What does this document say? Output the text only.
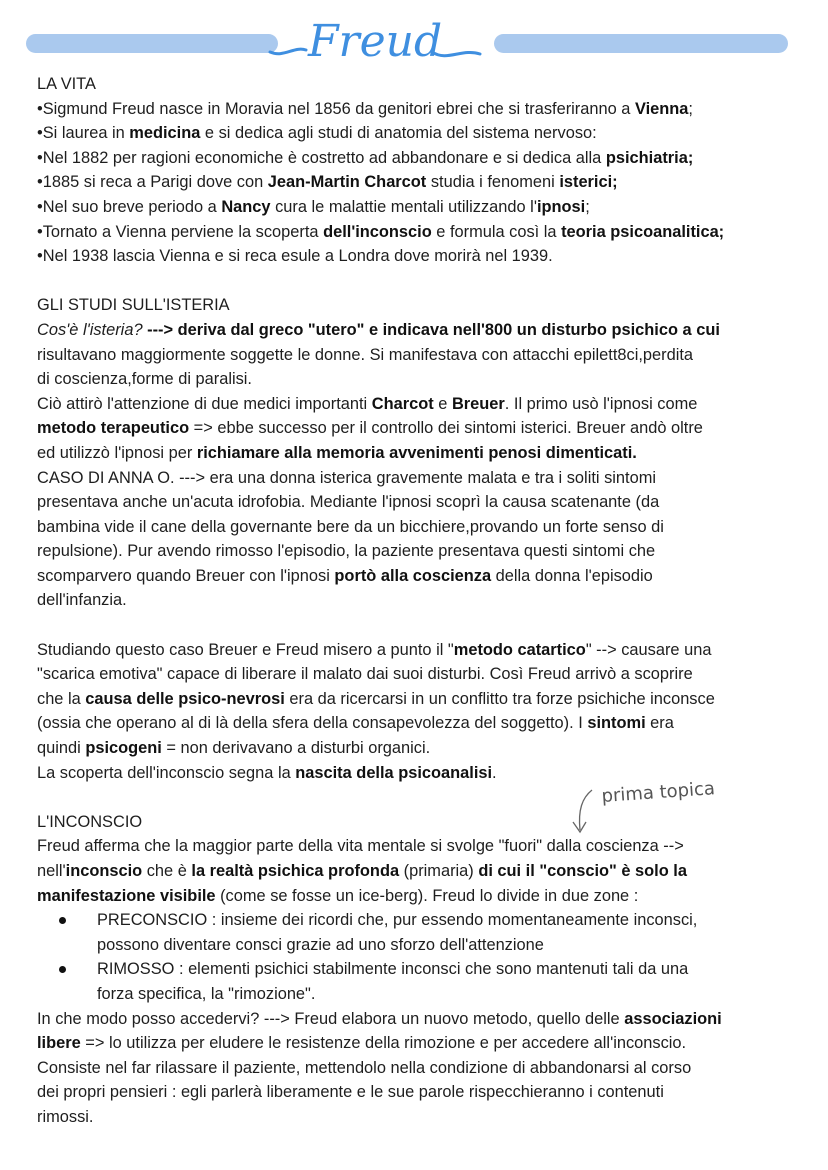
Freud
LA VITA
•Sigmund Freud nasce in Moravia nel 1856 da genitori ebrei che si trasferiranno a Vienna;
•Si laurea in medicina e si dedica agli studi di anatomia del sistema nervoso:
•Nel 1882 per ragioni economiche è costretto ad abbandonare e si dedica alla psichiatria;
•1885 si reca a Parigi dove con Jean-Martin Charcot studia i fenomeni isterici;
•Nel suo breve periodo a Nancy cura le malattie mentali utilizzando l'ipnosi;
•Tornato a Vienna perviene la scoperta dell'inconscio e formula così la teoria psicoanalitica;
•Nel 1938 lascia Vienna e si reca esule a Londra dove morirà nel 1939.
GLI STUDI SULL'ISTERIA
Cos'è l'isteria? ---> deriva dal greco "utero" e indicava nell'800 un disturbo psichico a cui
risultavano maggiormente soggette le donne. Si manifestava con attacchi epilett8ci,perdita
di coscienza,forme di paralisi.
Ciò attirò l'attenzione di due medici importanti Charcot e Breuer. Il primo usò l'ipnosi come
metodo terapeutico => ebbe successo per il controllo dei sintomi isterici. Breuer andò oltre
ed utilizzò l'ipnosi per richiamare alla memoria avvenimenti penosi dimenticati.
CASO DI ANNA O. ---> era una donna isterica gravemente malata e tra i soliti sintomi
presentava anche un'acuta idrofobia. Mediante l'ipnosi scoprì la causa scatenante (da
bambina vide il cane della governante bere da un bicchiere,provando un forte senso di
repulsione). Pur avendo rimosso l'episodio, la paziente presentava questi sintomi che
scomparvero quando Breuer con l'ipnosi portò alla coscienza della donna l'episodio
dell'infanzia.
Studiando questo caso Breuer e Freud misero a punto il "metodo catartico" --> causare una
"scarica emotiva" capace di liberare il malato dai suoi disturbi. Così Freud arrivò a scoprire
che la causa delle psico-nevrosi era da ricercarsi in un conflitto tra forze psichiche inconsce
(ossia che operano al di là della sfera della consapevolezza del soggetto). I sintomi era
quindi psicogeni = non derivavano a disturbi organici.
La scoperta dell'inconscio segna la nascita della psicoanalisi.
L'INCONSCIO
Freud afferma che la maggior parte della vita mentale si svolge "fuori" dalla coscienza -->
nell'inconscio che è la realtà psichica profonda (primaria) di cui il "conscio" è solo la
manifestazione visibile (come se fosse un ice-berg). Freud lo divide in due zone :
PRECONSCIO : insieme dei ricordi che, pur essendo momentaneamente inconsci,
possono diventare consci grazie ad uno sforzo dell'attenzione
RIMOSSO : elementi psichici stabilmente inconsci che sono mantenuti tali da una
forza specifica, la "rimozione".
In che modo posso accedervi? ---> Freud elabora un nuovo metodo, quello delle associazioni
libere => lo utilizza per eludere le resistenze della rimozione e per accedere all'inconscio.
Consiste nel far rilassare il paziente, mettendolo nella condizione di abbandonarsi al corso
dei propri pensieri : egli parlerà liberamente e le sue parole rispecchieranno i contenuti
rimossi.
prima topica
